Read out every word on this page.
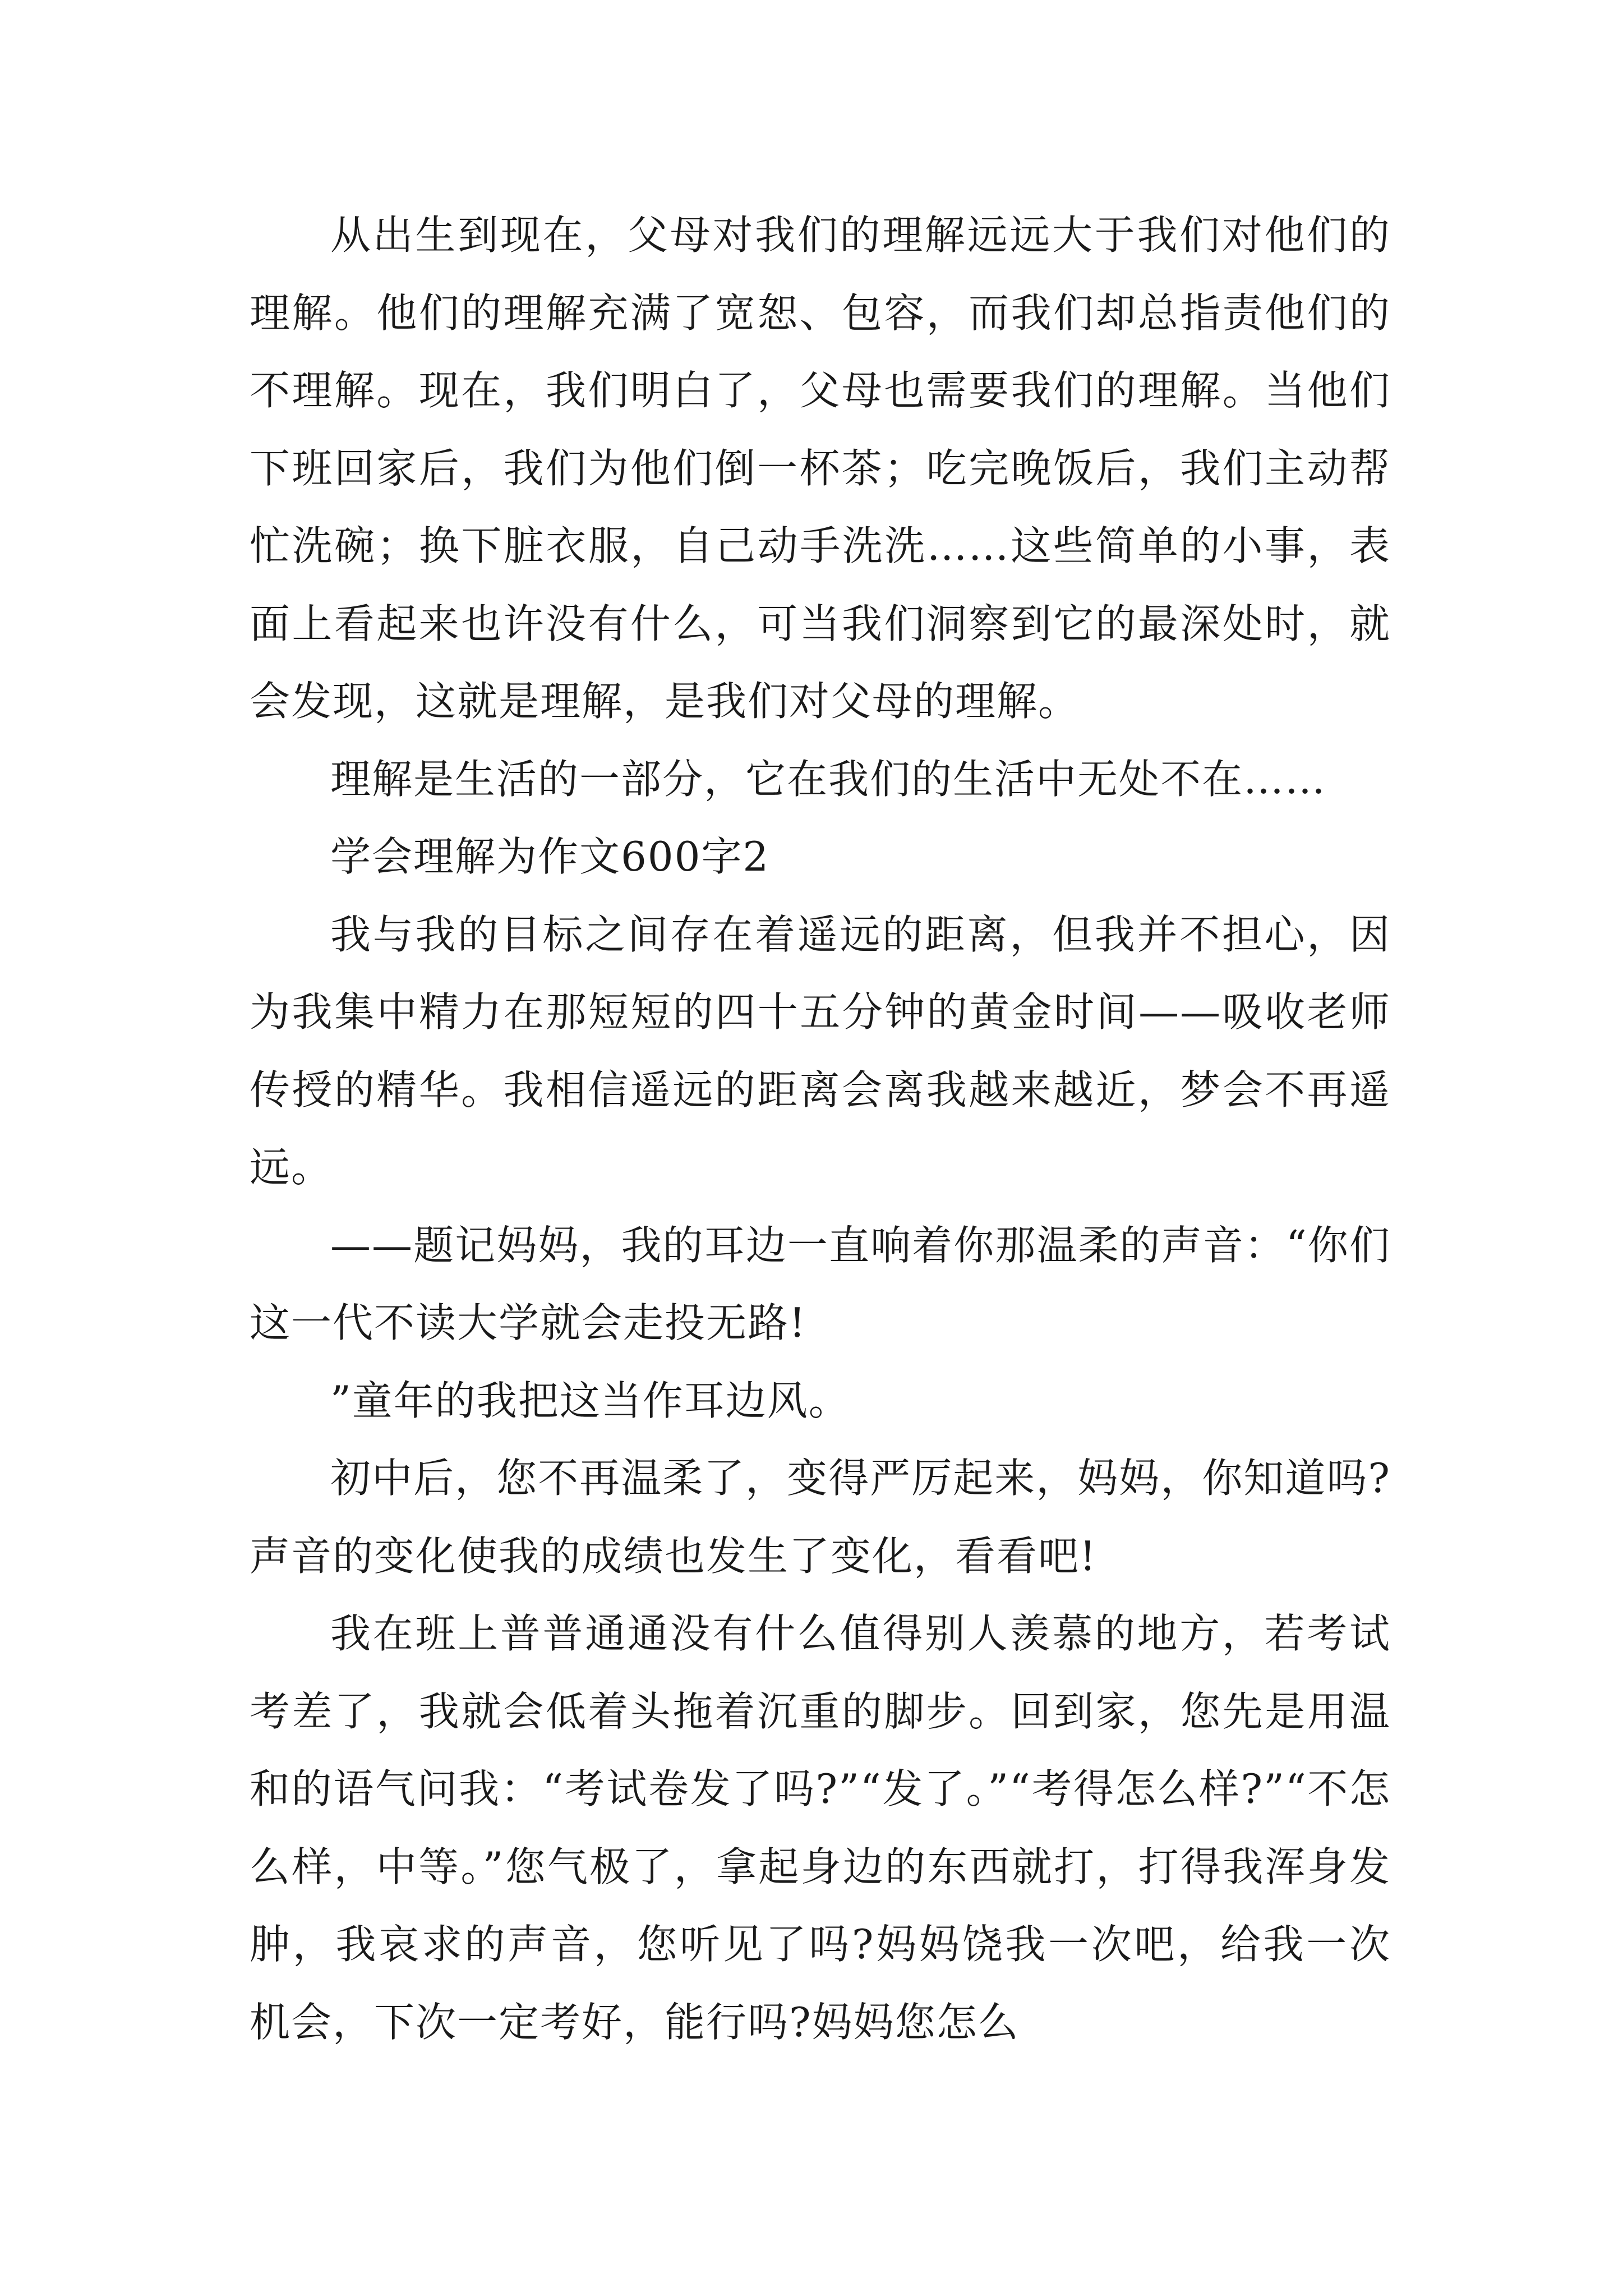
从出生到现在，父母对我们的理解远远大于我们对他们的理解。他们的理解充满了宽恕、包容，而我们却总指责他们的不理解。现在，我们明白了，父母也需要我们的理解。当他们下班回家后，我们为他们倒一杯茶；吃完晚饭后，我们主动帮忙洗碗；换下脏衣服，自己动手洗洗……这些简单的小事，表面上看起来也许没有什么，可当我们洞察到它的最深处时，就会发现，这就是理解，是我们对父母的理解。

理解是生活的一部分，它在我们的生活中无处不在……

学会理解为作文600字2

我与我的目标之间存在着遥远的距离，但我并不担心，因为我集中精力在那短短的四十五分钟的黄金时间——吸收老师传授的精华。我相信遥远的距离会离我越来越近，梦会不再遥远。

——题记妈妈，我的耳边一直响着你那温柔的声音：“你们这一代不读大学就会走投无路!

”童年的我把这当作耳边风。

初中后，您不再温柔了，变得严厉起来，妈妈，你知道吗?声音的变化使我的成绩也发生了变化，看看吧!

我在班上普普通通没有什么值得别人羡慕的地方，若考试考差了，我就会低着头拖着沉重的脚步。回到家，您先是用温和的语气问我：“考试卷发了吗?”“发了。”“考得怎么样?”“不怎么样，中等。”您气极了，拿起身边的东西就打，打得我浑身发肿，我哀求的声音，您听见了吗?妈妈饶我一次吧，给我一次机会，下次一定考好，能行吗?妈妈您怎么
